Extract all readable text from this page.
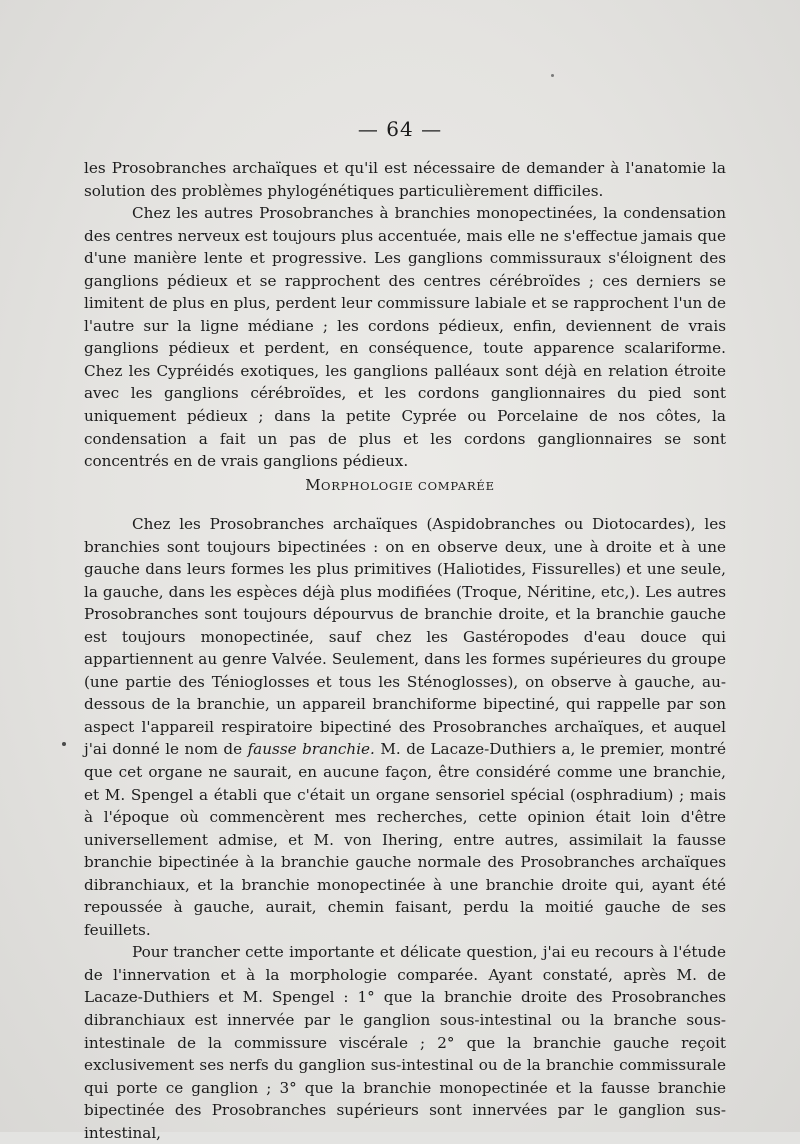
— 64 —

les Prosobranches archaïques et qu'il est nécessaire de demander à l'anatomie la solution des problèmes phylogénétiques particulièrement difficiles.

Chez les autres Prosobranches à branchies monopectinées, la condensation des centres nerveux est toujours plus accentuée, mais elle ne s'effectue jamais que d'une manière lente et progressive. Les ganglions commissuraux s'éloignent des ganglions pédieux et se rapprochent des centres cérébroïdes ; ces derniers se limitent de plus en plus, perdent leur commissure labiale et se rapprochent l'un de l'autre sur la ligne médiane ; les cordons pédieux, enfin, deviennent de vrais ganglions pédieux et perdent, en conséquence, toute apparence scalariforme. Chez les Cypréidés exotiques, les ganglions palléaux sont déjà en relation étroite avec les ganglions cérébroïdes, et les cordons ganglionnaires du pied sont uniquement pédieux ; dans la petite Cyprée ou Porcelaine de nos côtes, la condensation a fait un pas de plus et les cordons ganglionnaires se sont concentrés en de vrais ganglions pédieux.

MORPHOLOGIE COMPARÉE

Chez les Prosobranches archaïques (Aspidobranches ou Diotocardes), les branchies sont toujours bipectinées : on en observe deux, une à droite et à une gauche dans leurs formes les plus primitives (Haliotides, Fissurelles) et une seule, la gauche, dans les espèces déjà plus modifiées (Troque, Néritine, etc,). Les autres Prosobranches sont toujours dépourvus de branchie droite, et la branchie gauche est toujours monopectinée, sauf chez les Gastéropodes d'eau douce qui appartiennent au genre Valvée. Seulement, dans les formes supérieures du groupe (une partie des Ténioglosses et tous les Sténoglosses), on observe à gauche, au-dessous de la branchie, un appareil branchiforme bipectiné, qui rappelle par son aspect l'appareil respiratoire bipectiné des Prosobranches archaïques, et auquel j'ai donné le nom de fausse branchie. M. de Lacaze-Duthiers a, le premier, montré que cet organe ne saurait, en aucune façon, être considéré comme une branchie, et M. Spengel a établi que c'était un organe sensoriel spécial (osphradium) ; mais à l'époque où commencèrent mes recherches, cette opinion était loin d'être universellement admise, et M. von Ihering, entre autres, assimilait la fausse branchie bipectinée à la branchie gauche normale des Prosobranches archaïques dibranchiaux, et la branchie monopectinée à une branchie droite qui, ayant été repoussée à gauche, aurait, chemin faisant, perdu la moitié gauche de ses feuillets.

Pour trancher cette importante et délicate question, j'ai eu recours à l'étude de l'innervation et à la morphologie comparée. Ayant constaté, après M. de Lacaze-Duthiers et M. Spengel : 1° que la branchie droite des Prosobranches dibranchiaux est innervée par le ganglion sous-intestinal ou la branche sous-intestinale de la commissure viscérale ; 2° que la branchie gauche reçoit exclusivement ses nerfs du ganglion sus-intestinal ou de la branchie commissurale qui porte ce ganglion ; 3° que la branchie monopectinée et la fausse branchie bipectinée des Prosobranches supérieurs sont innervées par le ganglion sus-intestinal,
